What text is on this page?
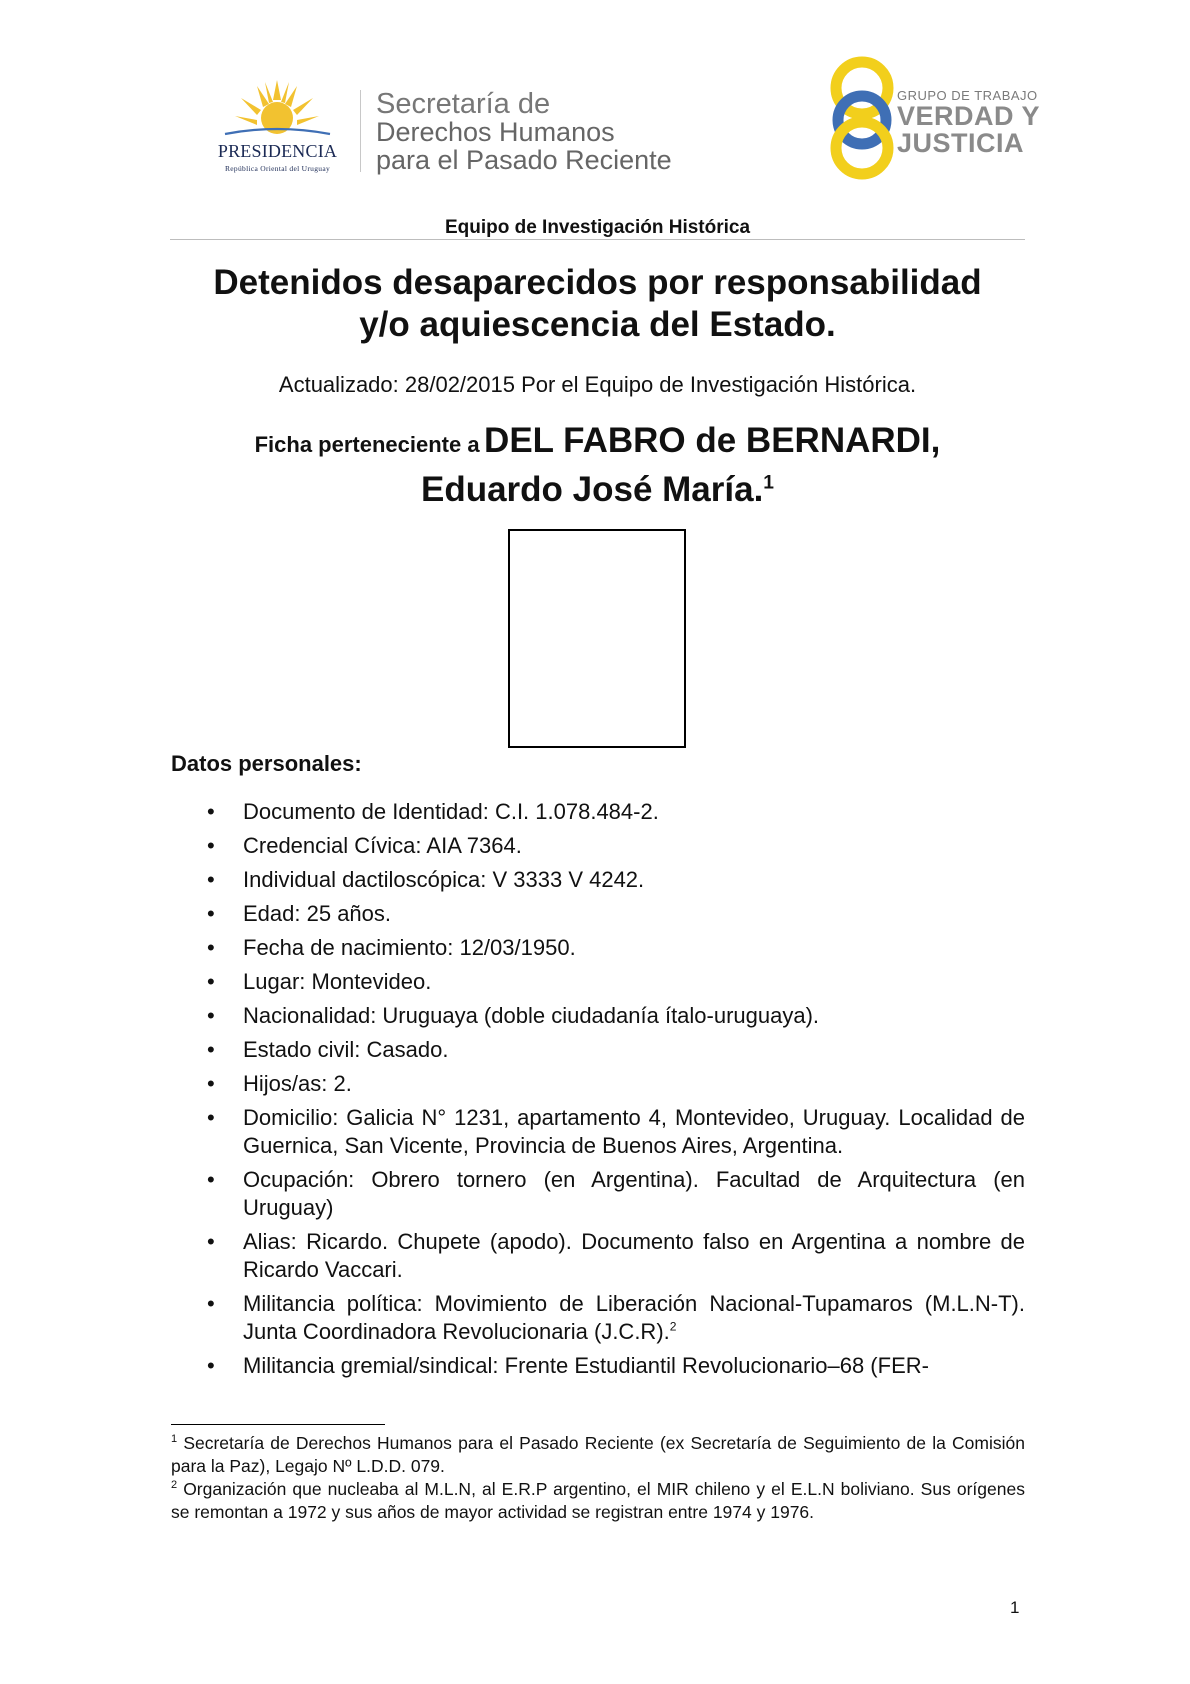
PRESIDENCIA
República Oriental del Uruguay
Secretaría de
Derechos Humanos
para el Pasado Reciente
GRUPO DE TRABAJO
VERDAD Y
JUSTICIA
Equipo de Investigación Histórica
Detenidos desaparecidos por responsabilidad
y/o aquiescencia del Estado.
Actualizado: 28/02/2015 Por el Equipo de Investigación Histórica.
Ficha perteneciente a DEL FABRO de BERNARDI,
Eduardo José María.$^1$
Datos personales:
• Documento de Identidad: C.I. 1.078.484-2.
• Credencial Cívica: AIA 7364.
• Individual dactiloscópica: V 3333 V 4242.
• Edad: 25 años.
• Fecha de nacimiento: 12/03/1950.
• Lugar: Montevideo.
• Nacionalidad: Uruguaya (doble ciudadanía ítalo-uruguaya).
• Estado civil: Casado.
• Hijos/as: 2.
• Domicilio: Galicia N° 1231, apartamento 4, Montevideo, Uruguay. Localidad de Guernica, San Vicente, Provincia de Buenos Aires, Argentina.
• Ocupación: Obrero tornero (en Argentina). Facultad de Arquitectura (en Uruguay)
• Alias: Ricardo. Chupete (apodo). Documento falso en Argentina a nombre de Ricardo Vaccari.
• Militancia política: Movimiento de Liberación Nacional-Tupamaros (M.L.N-T). Junta Coordinadora Revolucionaria (J.C.R).$^2$
• Militancia gremial/sindical: Frente Estudiantil Revolucionario–68 (FER-

$^1$ Secretaría de Derechos Humanos para el Pasado Reciente (ex Secretaría de Seguimiento de la Comisión para la Paz), Legajo Nº L.D.D. 079.

$^2$ Organización que nucleaba al M.L.N, al E.R.P argentino, el MIR chileno y el E.L.N boliviano. Sus orígenes se remontan a 1972 y sus años de mayor actividad se registran entre 1974 y 1976.

1
